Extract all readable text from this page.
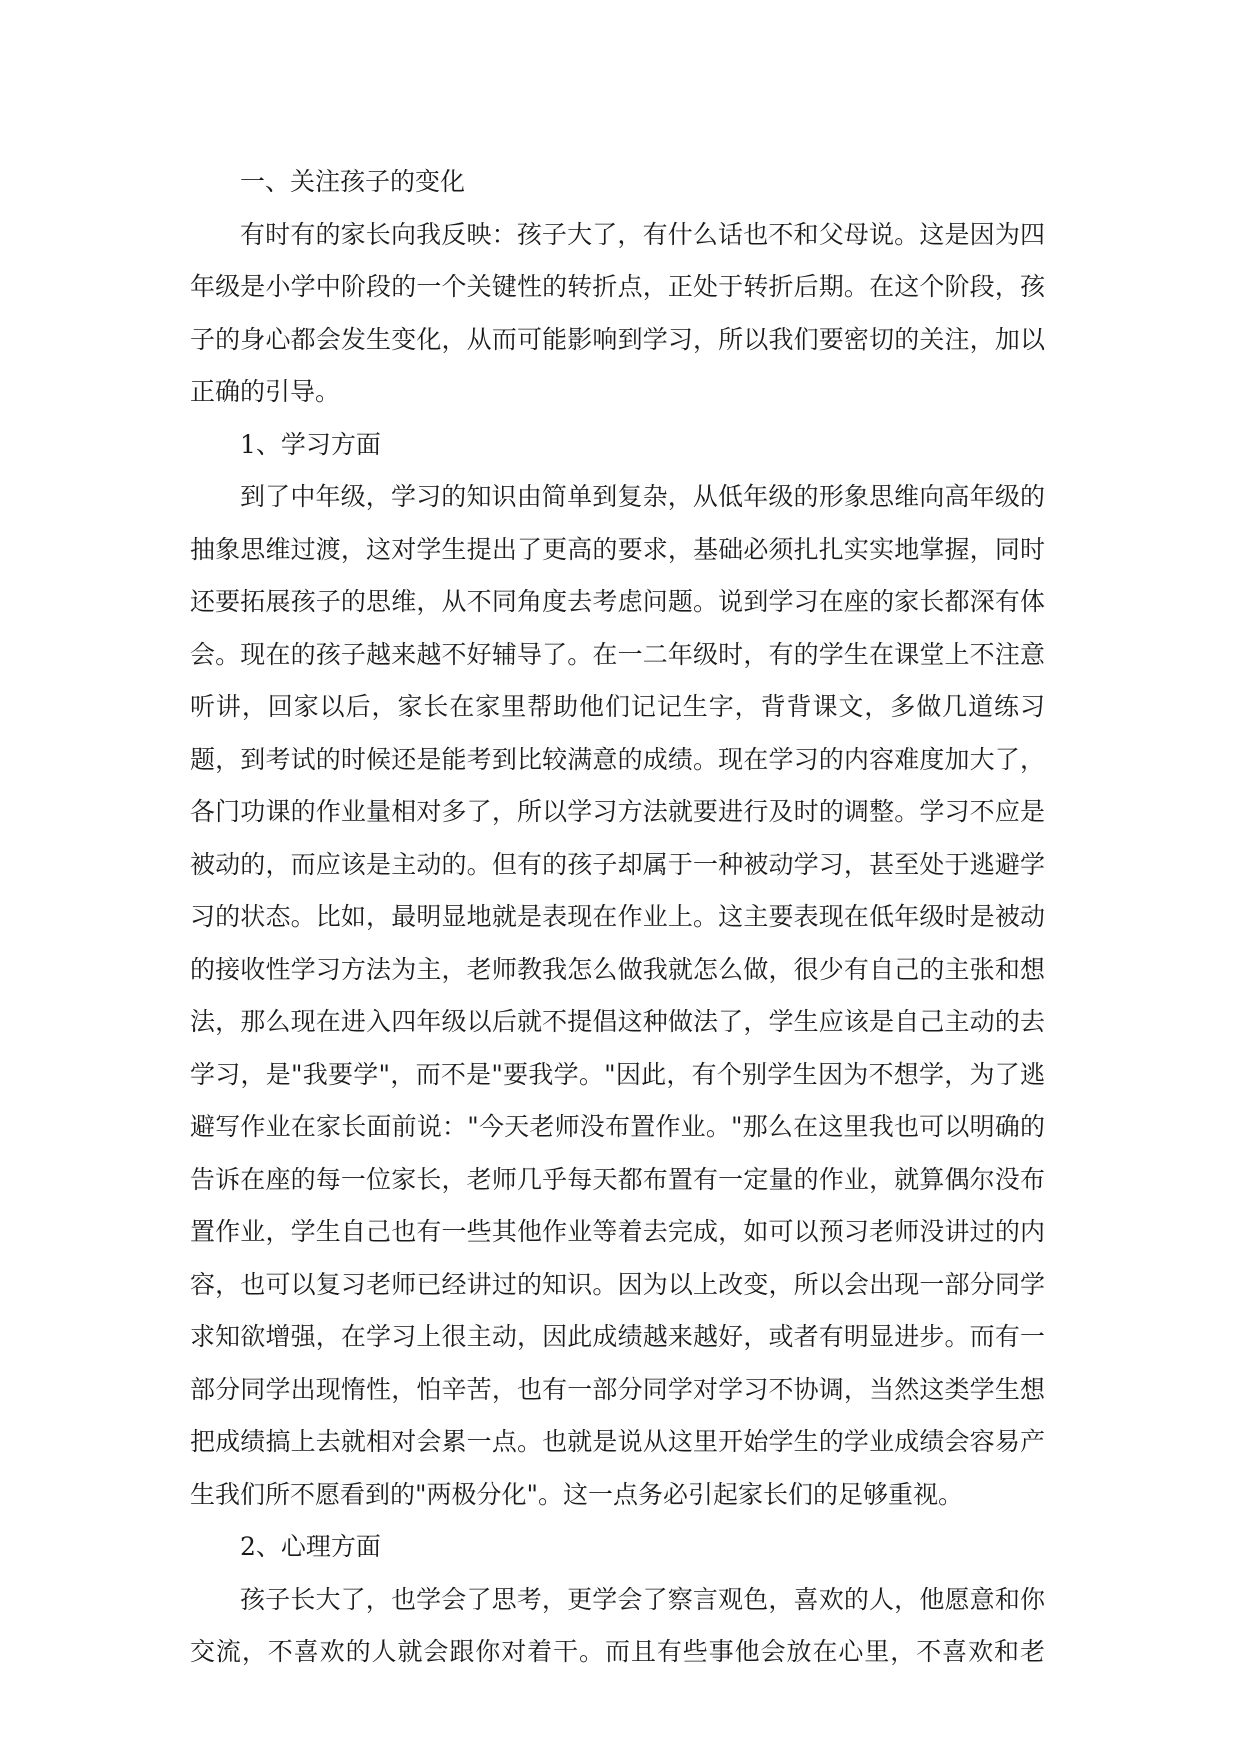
一、关注孩子的变化
有时有的家长向我反映：孩子大了，有什么话也不和父母说。这是因为四
年级是小学中阶段的一个关键性的转折点，正处于转折后期。在这个阶段，孩
子的身心都会发生变化，从而可能影响到学习，所以我们要密切的关注，加以
正确的引导。
1、学习方面
到了中年级，学习的知识由简单到复杂，从低年级的形象思维向高年级的
抽象思维过渡，这对学生提出了更高的要求，基础必须扎扎实实地掌握，同时
还要拓展孩子的思维，从不同角度去考虑问题。说到学习在座的家长都深有体
会。现在的孩子越来越不好辅导了。在一二年级时，有的学生在课堂上不注意
听讲，回家以后，家长在家里帮助他们记记生字，背背课文，多做几道练习
题，到考试的时候还是能考到比较满意的成绩。现在学习的内容难度加大了，
各门功课的作业量相对多了，所以学习方法就要进行及时的调整。学习不应是
被动的，而应该是主动的。但有的孩子却属于一种被动学习，甚至处于逃避学
习的状态。比如，最明显地就是表现在作业上。这主要表现在低年级时是被动
的接收性学习方法为主，老师教我怎么做我就怎么做，很少有自己的主张和想
法，那么现在进入四年级以后就不提倡这种做法了，学生应该是自己主动的去
学习，是"我要学"，而不是"要我学。"因此，有个别学生因为不想学，为了逃
避写作业在家长面前说："今天老师没布置作业。"那么在这里我也可以明确的
告诉在座的每一位家长，老师几乎每天都布置有一定量的作业，就算偶尔没布
置作业，学生自己也有一些其他作业等着去完成，如可以预习老师没讲过的内
容，也可以复习老师已经讲过的知识。因为以上改变，所以会出现一部分同学
求知欲增强，在学习上很主动，因此成绩越来越好，或者有明显进步。而有一
部分同学出现惰性，怕辛苦，也有一部分同学对学习不协调，当然这类学生想
把成绩搞上去就相对会累一点。也就是说从这里开始学生的学业成绩会容易产
生我们所不愿看到的"两极分化"。这一点务必引起家长们的足够重视。
2、心理方面
孩子长大了，也学会了思考，更学会了察言观色，喜欢的人，他愿意和你
交流，不喜欢的人就会跟你对着干。而且有些事他会放在心里，不喜欢和老
